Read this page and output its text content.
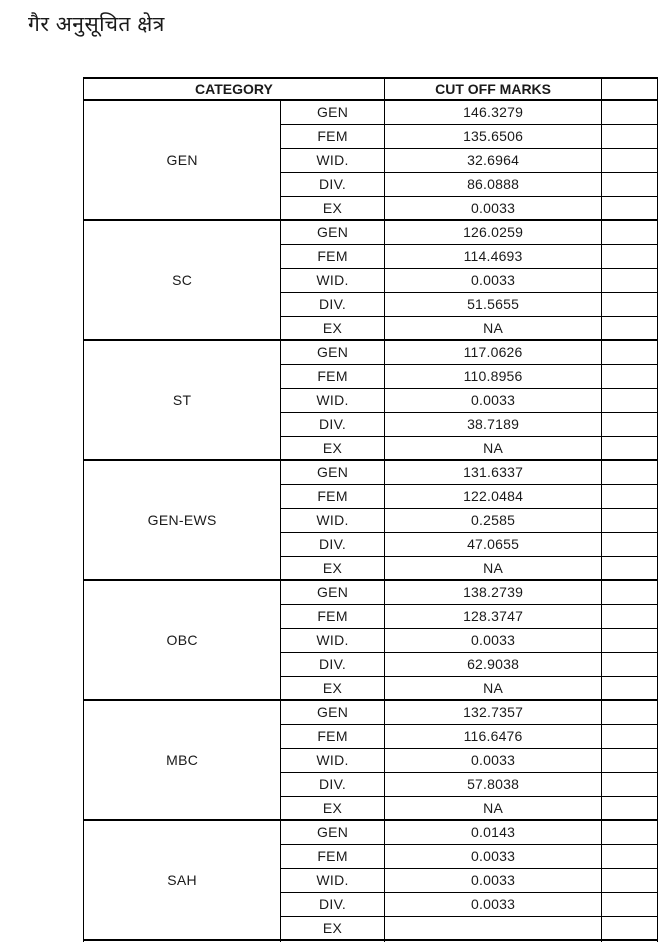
गैर अनुसूचित क्षेत्र
CATEGORY		CUT OFF MARKS	
GEN	GEN	146.3279	
	FEM	135.6506	
	WID.	32.6964	
	DIV.	86.0888	
	EX	0.0033	
SC	GEN	126.0259	
	FEM	114.4693	
	WID.	0.0033	
	DIV.	51.5655	
	EX	NA	
ST	GEN	117.0626	
	FEM	110.8956	
	WID.	0.0033	
	DIV.	38.7189	
	EX	NA	
GEN-EWS	GEN	131.6337	
	FEM	122.0484	
	WID.	0.2585	
	DIV.	47.0655	
	EX	NA	
OBC	GEN	138.2739	
	FEM	128.3747	
	WID.	0.0033	
	DIV.	62.9038	
	EX	NA	
MBC	GEN	132.7357	
	FEM	116.6476	
	WID.	0.0033	
	DIV.	57.8038	
	EX	NA	
SAH	GEN	0.0143	
	FEM	0.0033	
	WID.	0.0033	
	DIV.	0.0033	
	EX		
